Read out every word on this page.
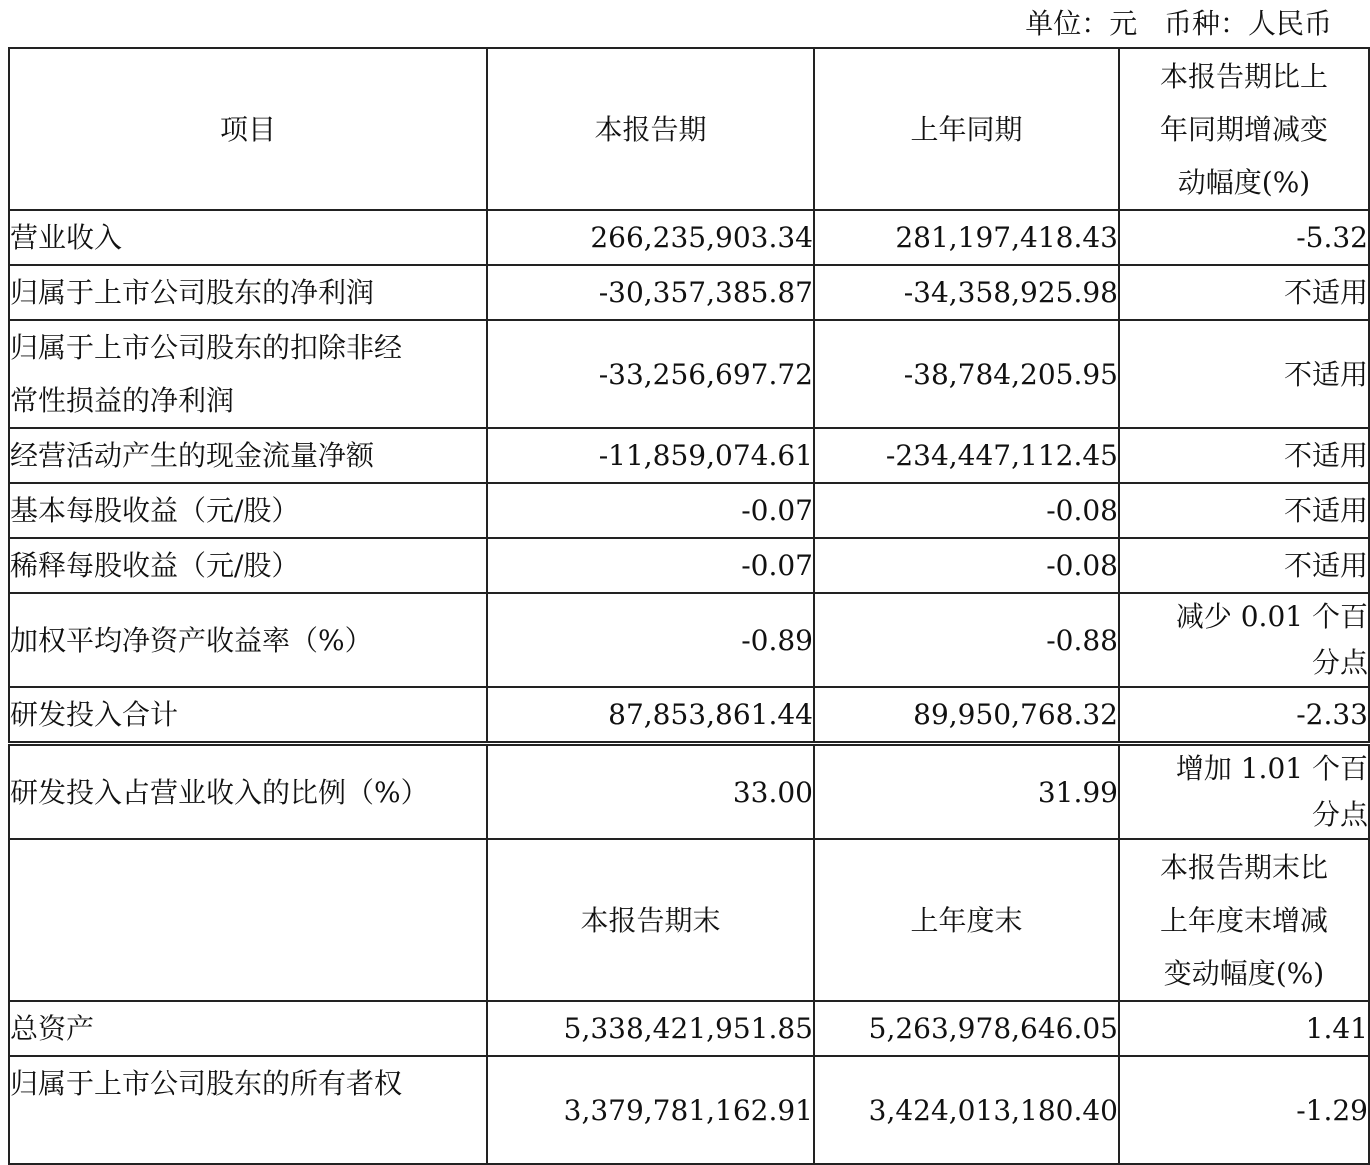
单位：元   币种：人民币
项目	本报告期	上年同期	本报告期比上
年同期增减变
动幅度(%)

营业收入	266,235,903.34	281,197,418.43	-5.32
归属于上市公司股东的净利润	-30,357,385.87	-34,358,925.98	不适用

归属于上市公司股东的扣除非经
常性损益的净利润	-33,256,697.72	-38,784,205.95	不适用
经营活动产生的现金流量净额	-11,859,074.61	-234,447,112.45	不适用
基本每股收益（元/股）	-0.07	-0.08	不适用
稀释每股收益（元/股）	-0.07	-0.08	不适用
加权平均净资产收益率（%）	-0.89	-0.88	减少 0.01 个百
分点

研发投入合计	87,853,861.44	89,950,768.32	-2.33
研发投入占营业收入的比例（%）	33.00	31.99	增加 1.01 个百
分点

	本报告期末	上年度末	本报告期末比
上年度末增减
变动幅度(%)

总资产	5,338,421,951.85	5,263,978,646.05	1.41

归属于上市公司股东的所有者权	3,379,781,162.91	3,424,013,180.40	-1.29
